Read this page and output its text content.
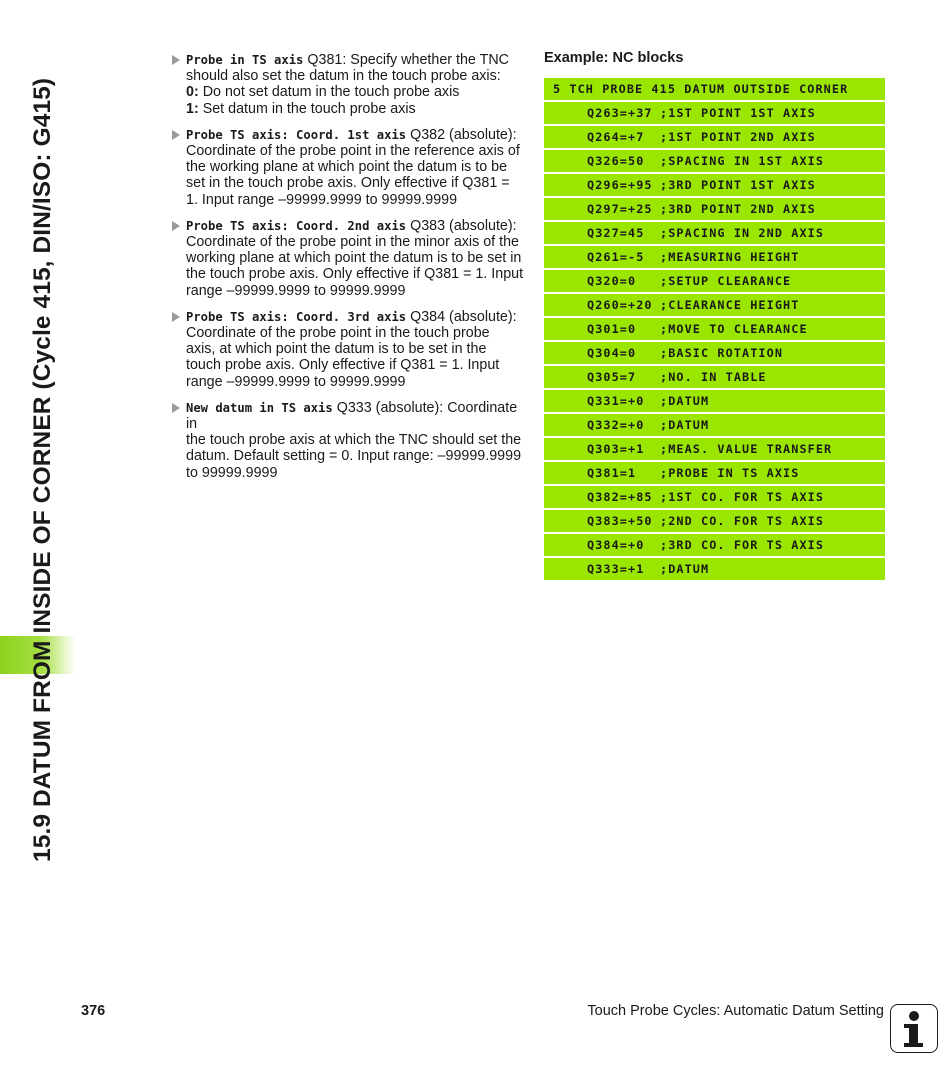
15.9 DATUM FROM INSIDE OF CORNER (Cycle 415, DIN/ISO: G415)
Probe in TS axis Q381: Specify whether the TNC
should also set the datum in the touch probe axis:
0: Do not set datum in the touch probe axis
1: Set datum in the touch probe axis
Probe TS axis: Coord. 1st axis Q382 (absolute):
Coordinate of the probe point in the reference axis of
the working plane at which point the datum is to be
set in the touch probe axis. Only effective if Q381 =
1. Input range –99999.9999 to 99999.9999
Probe TS axis: Coord. 2nd axis Q383 (absolute):
Coordinate of the probe point in the minor axis of the
working plane at which point the datum is to be set in
the touch probe axis. Only effective if Q381 = 1. Input
range –99999.9999 to 99999.9999
Probe TS axis: Coord. 3rd axis Q384 (absolute):
Coordinate of the probe point in the touch probe
axis, at which point the datum is to be set in the
touch probe axis. Only effective if Q381 = 1. Input
range –99999.9999 to 99999.9999
New datum in TS axis Q333 (absolute): Coordinate in
the touch probe axis at which the TNC should set the
datum. Default setting = 0. Input range: –99999.9999
to 99999.9999
Example: NC blocks
5 TCH PROBE 415 DATUM OUTSIDE CORNER
Q263=+37 ;1ST POINT 1ST AXIS
Q264=+7 ;1ST POINT 2ND AXIS
Q326=50 ;SPACING IN 1ST AXIS
Q296=+95 ;3RD POINT 1ST AXIS
Q297=+25 ;3RD POINT 2ND AXIS
Q327=45 ;SPACING IN 2ND AXIS
Q261=-5 ;MEASURING HEIGHT
Q320=0 ;SETUP CLEARANCE
Q260=+20 ;CLEARANCE HEIGHT
Q301=0 ;MOVE TO CLEARANCE
Q304=0 ;BASIC ROTATION
Q305=7 ;NO. IN TABLE
Q331=+0 ;DATUM
Q332=+0 ;DATUM
Q303=+1 ;MEAS. VALUE TRANSFER
Q381=1 ;PROBE IN TS AXIS
Q382=+85 ;1ST CO. FOR TS AXIS
Q383=+50 ;2ND CO. FOR TS AXIS
Q384=+0 ;3RD CO. FOR TS AXIS
Q333=+1 ;DATUM
376	Touch Probe Cycles: Automatic Datum Setting
